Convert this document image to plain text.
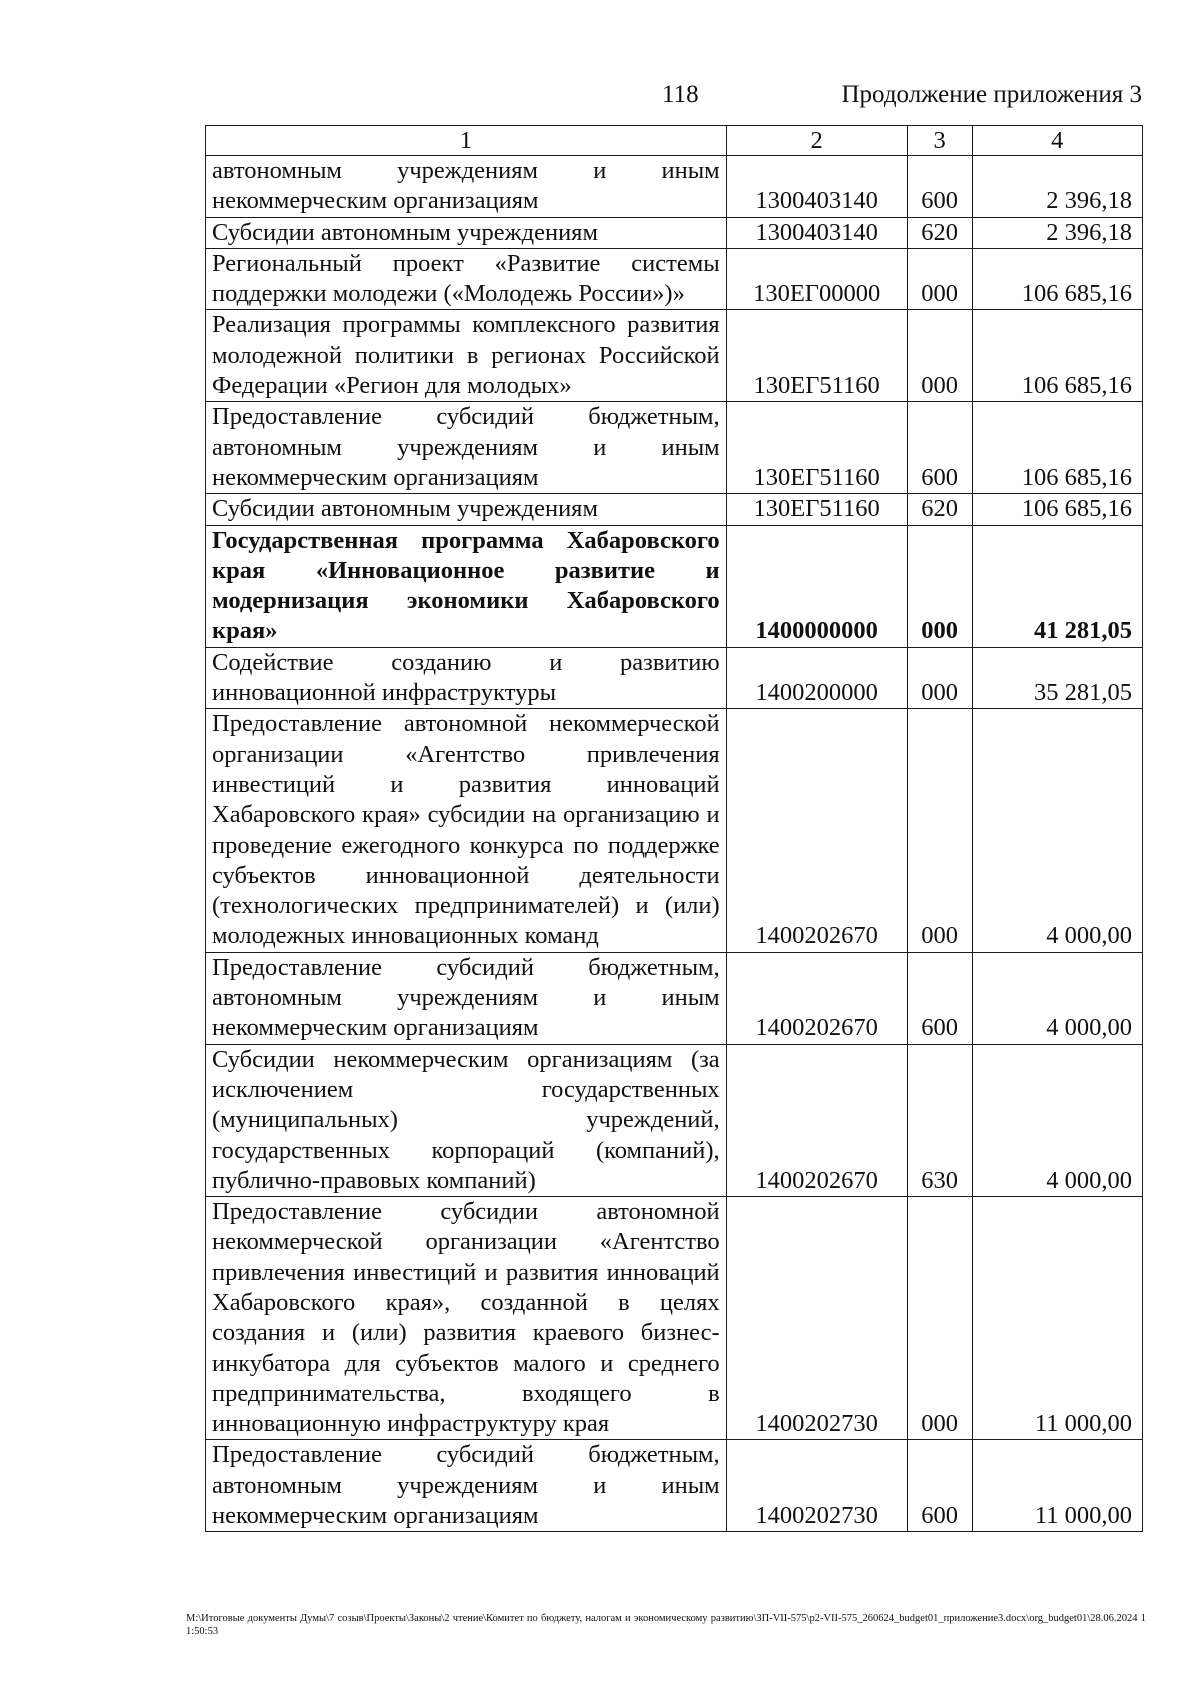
118	Продолжение приложения 3
1	2	3	4
автономным учреждениям и иным некоммерческим организациям	1300403140	600	2 396,18
Субсидии автономным учреждениям	1300403140	620	2 396,18
Региональный проект «Развитие системы поддержки молодежи («Молодежь России»)»	130ЕГ00000	000	106 685,16
Реализация программы комплексного развития молодежной политики в регионах Российской Федерации «Регион для молодых»	130ЕГ51160	000	106 685,16
Предоставление субсидий бюджетным, автономным учреждениям и иным некоммерческим организациям	130ЕГ51160	600	106 685,16
Субсидии автономным учреждениям	130ЕГ51160	620	106 685,16
Государственная программа Хабаровского края «Инновационное развитие и модернизация экономики Хабаровского края»	1400000000	000	41 281,05
Содействие созданию и развитию инновационной инфраструктуры	1400200000	000	35 281,05
Предоставление автономной некоммерческой организации «Агентство привлечения инвестиций и развития инноваций Хабаровского края» субсидии на организацию и проведение ежегодного конкурса по поддержке субъектов инновационной деятельности (технологических предпринимателей) и (или) молодежных инновационных команд	1400202670	000	4 000,00
Предоставление субсидий бюджетным, автономным учреждениям и иным некоммерческим организациям	1400202670	600	4 000,00
Субсидии некоммерческим организациям (за исключением государственных (муниципальных) учреждений, государственных корпораций (компаний), публично-правовых компаний)	1400202670	630	4 000,00
Предоставление субсидии автономной некоммерческой организации «Агентство привлечения инвестиций и развития инноваций Хабаровского края», созданной в целях создания и (или) развития краевого бизнес-инкубатора для субъектов малого и среднего предпринимательства, входящего в инновационную инфраструктуру края	1400202730	000	11 000,00
Предоставление субсидий бюджетным, автономным учреждениям и иным некоммерческим организациям	1400202730	600	11 000,00
M:\Итоговые документы Думы\7 созыв\Проекты\Законы\2 чтение\Комитет по бюджету, налогам и экономическому развитию\ЗП-VII-575\p2-VII-575_260624_budget01_приложение3.docx\org_budget01\28.06.2024 11:50:53
